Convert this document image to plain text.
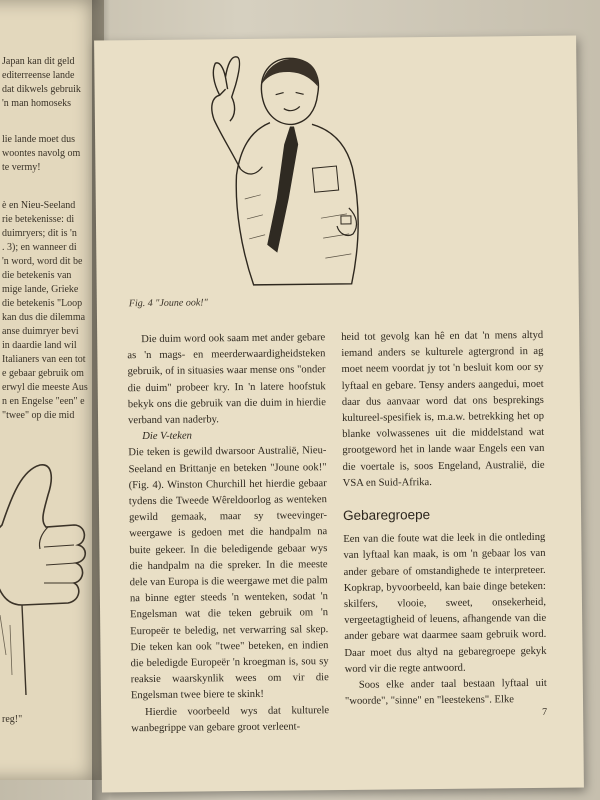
Japan kan dit geld
editerreense lande
dat dikwels gebruik
'n man homoseks
lie lande moet dus
woontes navolg om
te vermy!
è en Nieu-Seeland
rie betekenisse: di
duimryers; dit is 'n
. 3); en wanneer di
'n word, word dit be
die betekenis van
mige lande, Grieke
die betekenis "Loop
kan dus die dilemma
anse duimryer bevi
in daardie land wil
Italianers van een tot
e gebaar gebruik om
erwyl die meeste Aus
n en Engelse "een" e
"twee" op die mid
reg!"
Fig. 4 "Joune ook!"

Die duim word ook saam met ander gebare as 'n mags- en meerderwaardigheidsteken gebruik, of in situasies waar mense ons "onder die duim" probeer kry. In 'n latere hoofstuk bekyk ons die gebruik van die duim in hierdie verband van naderby.

Die V-teken

Die teken is gewild dwarsoor Australië, Nieu-Seeland en Brittanje en beteken "Joune ook!" (Fig. 4). Winston Churchill het hierdie gebaar tydens die Tweede Wêreldoorlog as wenteken gewild gemaak, maar sy tweevinger-weergawe is gedoen met die handpalm na buite gekeer. In die beledigende gebaar wys die handpalm na die spreker. In die meeste dele van Europa is die weergawe met die palm na binne egter steeds 'n wenteken, sodat 'n Engelsman wat die teken gebruik om 'n Europeër te beledig, net verwarring sal skep. Die teken kan ook "twee" beteken, en indien die beledigde Europeër 'n kroegman is, sou sy reaksie waarskynlik wees om vir die Engelsman twee biere te skink!

Hierdie voorbeeld wys dat kulturele wanbegrippe van gebare groot verleent-

heid tot gevolg kan hê en dat 'n mens altyd iemand anders se kulturele agtergrond in ag moet neem voordat jy tot 'n besluit kom oor sy lyftaal en gebare. Tensy anders aangedui, moet daar dus aanvaar word dat ons besprekings kultureel-spesifiek is, m.a.w. betrekking het op blanke volwassenes uit die middelstand wat grootgeword het in lande waar Engels een van die voertale is, soos Engeland, Australië, die VSA en Suid-Afrika.

Gebaregroepe

Een van die foute wat die leek in die ontleding van lyftaal kan maak, is om 'n gebaar los van ander gebare of omstandighede te interpreteer. Kopkrap, byvoorbeeld, kan baie dinge beteken: skilfers, vlooie, sweet, onsekerheid, vergeetagtigheid of leuens, afhangende van die ander gebare wat daarmee saam gebruik word. Daar moet dus altyd na gebaregroepe gekyk word vir die regte antwoord.

Soos elke ander taal bestaan lyftaal uit "woorde", "sinne" en "leestekens". Elke

7
